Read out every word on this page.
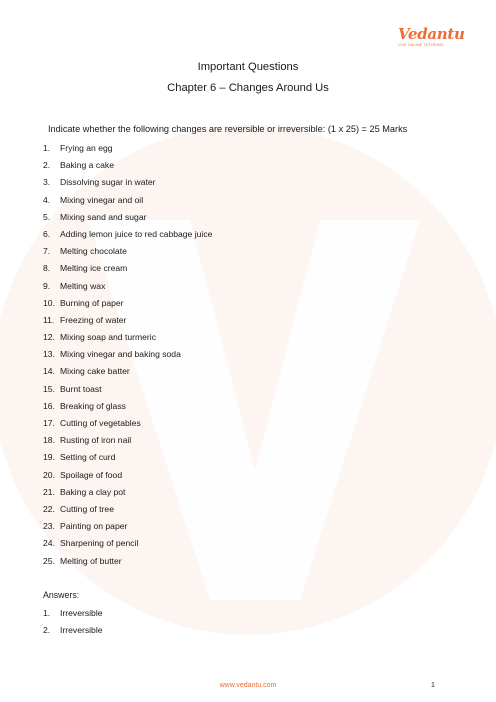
Vedantu
LIVE ONLINE TUTORING
Important Questions
Chapter 6 – Changes Around Us
Indicate whether the following changes are reversible or irreversible: (1 x 25) = 25 Marks
1.	Frying an egg
2.	Baking a cake
3.	Dissolving sugar in water
4.	Mixing vinegar and oil
5.	Mixing sand and sugar
6.	Adding lemon juice to red cabbage juice
7.	Melting chocolate
8.	Melting ice cream
9.	Melting wax
10. Burning of paper
11. Freezing of water
12. Mixing soap and turmeric
13. Mixing vinegar and baking soda
14. Mixing cake batter
15. Burnt toast
16. Breaking of glass
17. Cutting of vegetables
18. Rusting of iron nail
19. Setting of curd
20. Spoilage of food
21. Baking a clay pot
22. Cutting of tree
23. Painting on paper
24. Sharpening of pencil
25. Melting of butter
Answers:
1.	Irreversible
2.	Irreversible
www.vedantu.com	1
